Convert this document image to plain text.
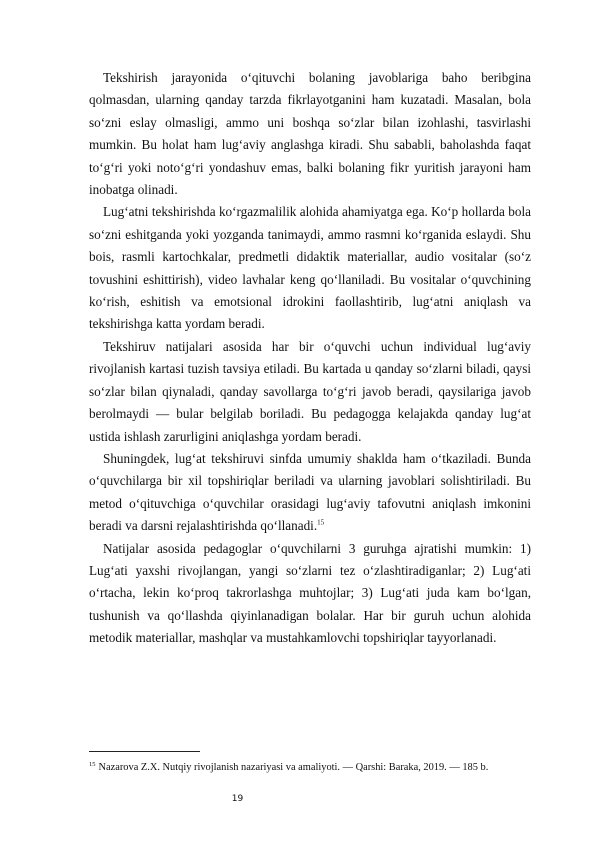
Tekshirish jarayonida o‘qituvchi bolaning javoblariga baho beribgina qolmasdan, ularning qanday tarzda fikrlayotganini ham kuzatadi. Masalan, bola so‘zni eslay olmasligi, ammo uni boshqa so‘zlar bilan izohlashi, tasvirlashi mumkin. Bu holat ham lug‘aviy anglashga kiradi. Shu sababli, baholashda faqat to‘g‘ri yoki noto‘g‘ri yondashuv emas, balki bolaning fikr yuritish jarayoni ham inobatga olinadi.

Lug‘atni tekshirishda ko‘rgazmalilik alohida ahamiyatga ega. Ko‘p hollarda bola so‘zni eshitganda yoki yozganda tanimaydi, ammo rasmni ko‘rganida eslaydi. Shu bois, rasmli kartochkalar, predmetli didaktik materiallar, audio vositalar (so‘z tovushini eshittirish), video lavhalar keng qo‘llaniladi. Bu vositalar o‘quvchining ko‘rish, eshitish va emotsional idrokini faollashtirib, lug‘atni aniqlash va tekshirishga katta yordam beradi.

Tekshiruv natijalari asosida har bir o‘quvchi uchun individual lug‘aviy rivojlanish kartasi tuzish tavsiya etiladi. Bu kartada u qanday so‘zlarni biladi, qaysi so‘zlar bilan qiynaladi, qanday savollarga to‘g‘ri javob beradi, qaysilariga javob berolmaydi — bular belgilab boriladi. Bu pedagogga kelajakda qanday lug‘at ustida ishlash zarurligini aniqlashga yordam beradi.

Shuningdek, lug‘at tekshiruvi sinfda umumiy shaklda ham o‘tkaziladi. Bunda o‘quvchilarga bir xil topshiriqlar beriladi va ularning javoblari solishtiriladi. Bu metod o‘qituvchiga o‘quvchilar orasidagi lug‘aviy tafovutni aniqlash imkonini beradi va darsni rejalashtirishda qo‘llanadi.$^{15}$

Natijalar asosida pedagoglar o‘quvchilarni 3 guruhga ajratishi mumkin: 1) Lug‘ati yaxshi rivojlangan, yangi so‘zlarni tez o‘zlashtiradiganlar; 2) Lug‘ati o‘rtacha, lekin ko‘proq takrorlashga muhtojlar; 3) Lug‘ati juda kam bo‘lgan, tushunish va qo‘llashda qiyinlanadigan bolalar. Har bir guruh uchun alohida metodik materiallar, mashqlar va mustahkamlovchi topshiriqlar tayyorlanadi.

$^{15}$ Nazarova Z.X. Nutqiy rivojlanish nazariyasi va amaliyoti. — Qarshi: Baraka, 2019. — 185 b.

19
